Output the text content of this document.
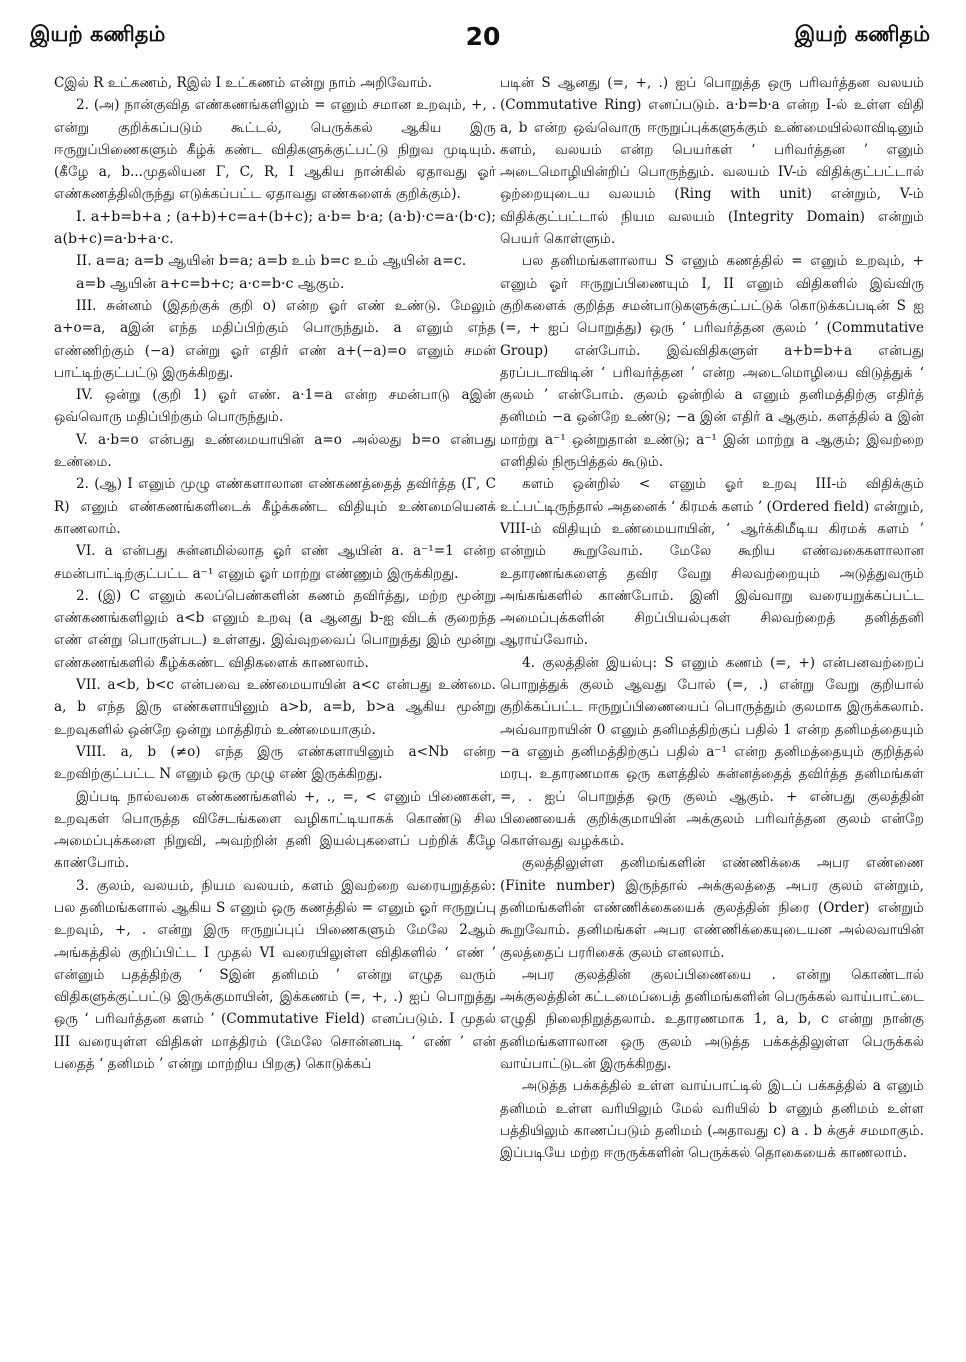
இயற் கணிதம்	20	இயற் கணிதம்

Cஇல் R உட்கணம், Rஇல் I உட்கணம் என்று நாம் அறிவோம்.

2. (அ) நான்குவித எண்கணங்களிலும் = எனும் சமான உறவும், +, . என்று குறிக்கப்படும் கூட்டல், பெருக்கல் ஆகிய இரு ஈருறுப்பிணைகளும் கீழ்க் கண்ட விதிகளுக்குட்பட்டு நிறுவ முடியும். (கீழே a, b...முதலியன Γ, C, R, I ஆகிய நான்கில் ஏதாவது ஓர் எண்கணத்திலிருந்து எடுக்கப்பட்ட ஏதாவது எண்களைக் குறிக்கும்).

I. a+b=b+a ; (a+b)+c=a+(b+c); a·b= b·a; (a·b)·c=a·(b·c); a(b+c)=a·b+a·c.

II. a=a; a=b ஆயின் b=a; a=b உம் b=c உம் ஆயின் a=c.

a=b ஆயின் a+c=b+c; a·c=b·c ஆகும்.

III. சுன்னம் (இதற்குக் குறி o) என்ற ஓர் எண் உண்டு. மேலும் a+o=a, aஇன் எந்த மதிப்பிற்கும் பொருந்தும். a எனும் எந்த எண்ணிற்கும் (−a) என்று ஓர் எதிர் எண் a+(−a)=o எனும் சமன் பாட்டிற்குட்பட்டு இருக்கிறது.

IV. ஒன்று (குறி 1) ஓர் எண். a·1=a என்ற சமன்பாடு aஇன் ஒவ்வொரு மதிப்பிற்கும் பொருந்தும்.

V. a·b=o என்பது உண்மையாயின் a=o அல்லது b=o என்பது உண்மை.

2. (ஆ) I எனும் முழு எண்களாலான எண்கணத்தைத் தவிர்த்த (Γ, C R) எனும் எண்கணங்களிடைக் கீழ்க்கண்ட விதியும் உண்மையெனக் காணலாம்.

VI. a என்பது சுன்னமில்லாத ஓர் எண் ஆயின் a. a⁻¹=1 என்ற சமன்பாட்டிற்குட்பட்ட a⁻¹ எனும் ஓர் மாற்று எண்ணும் இருக்கிறது.

2. (இ) C எனும் கலப்பெண்களின் கணம் தவிர்த்து, மற்ற மூன்று எண்கணங்களிலும் a<b எனும் உறவு (a ஆனது b-ஐ விடக் குறைந்த எண் என்று பொருள்பட) உள்ளது. இவ்வுறவைப் பொறுத்து இம் மூன்று எண்கணங்களில் கீழ்க்கண்ட விதிகளைக் காணலாம்.

VII. a<b, b<c என்பவை உண்மையாயின் a<c என்பது உண்மை. a, b எந்த இரு எண்களாயினும் a>b, a=b, b>a ஆகிய மூன்று உறவுகளில் ஒன்றே ஒன்று மாத்திரம் உண்மையாகும்.

VIII. a, b (≠o) எந்த இரு எண்களாயினும் a<Nb என்ற உறவிற்குட்பட்ட N எனும் ஒரு முழு எண் இருக்கிறது.

இப்படி நால்வகை எண்கணங்களில் +, ., =, < எனும் பிணைகள், உறவுகள் பொருத்த விசேடங்களை வழிகாட்டியாகக் கொண்டு சில அமைப்புக்களை நிறுவி, அவற்றின் தனி இயல்புகளைப் பற்றிக் கீழே காண்போம்.

3. குலம், வலயம், நியம வலயம், களம் இவற்றை வரையறுத்தல்: பல தனிமங்களால் ஆகிய S எனும் ஒரு கணத்தில் = எனும் ஓர் ஈருறுப்பு உறவும், +, . என்று இரு ஈருறுப்புப் பிணைகளும் மேலே 2ஆம் அங்கத்தில் குறிப்பிட்ட I முதல் VI வரையிலுள்ள விதிகளில் ‘ எண் ’ என்னும் பதத்திற்கு ‘ Sஇன் தனிமம் ’ என்று எழுத வரும் விதிகளுக்குட்பட்டு இருக்குமாயின், இக்கணம் (=, +, .) ஐப் பொறுத்து ஒரு ‘ பரிவர்த்தன களம் ’ (Commutative Field) எனப்படும். I முதல் III வரையுள்ள விதிகள் மாத்திரம் (மேலே சொன்னபடி ‘ எண் ’ என் பதைத் ‘ தனிமம் ’ என்று மாற்றிய பிறகு) கொடுக்கப்

படின் S ஆனது (=, +, .) ஐப் பொறுத்த ஒரு பரிவர்த்தன வலயம் (Commutative Ring) எனப்படும். a·b=b·a என்ற I-ல் உள்ள விதி a, b என்ற ஒவ்வொரு ஈருறுப்புக்களுக்கும் உண்மையில்லாவிடினும் களம், வலயம் என்ற பெயர்கள் ‘ பரிவர்த்தன ’ எனும் அடைமொழியின்றிப் பொருந்தும். வலயம் IV-ம் விதிக்குட்பட்டால் ஒற்றையுடைய வலயம் (Ring with unit) என்றும், V-ம் விதிக்குட்பட்டால் நியம வலயம் (Integrity Domain) என்றும் பெயர் கொள்ளும்.

பல தனிமங்களாலாய S எனும் கணத்தில் = எனும் உறவும், + எனும் ஓர் ஈருறுப்பிணையும் I, II எனும் விதிகளில் இவ்விரு குறிகளைக் குறித்த சமன்பாடுகளுக்குட்பட்டுக் கொடுக்கப்படின் S ஐ (=, + ஐப் பொறுத்து) ஒரு ‘ பரிவர்த்தன குலம் ’ (Commutative Group) என்போம். இவ்விதிகளுள் a+b=b+a என்பது தரப்படாவிடின் ‘ பரிவர்த்தன ’ என்ற அடைமொழியை விடுத்துக் ‘ குலம் ’ என்போம். குலம் ஒன்றில் a எனும் தனிமத்திற்கு எதிர்த் தனிமம் −a ஒன்றே உண்டு; −a இன் எதிர் a ஆகும். களத்தில் a இன் மாற்று a⁻¹ ஒன்றுதான் உண்டு; a⁻¹ இன் மாற்று a ஆகும்; இவற்றை எளிதில் நிரூபித்தல் கூடும்.

களம் ஒன்றில் < எனும் ஓர் உறவு III-ம் விதிக்கும் உட்பட்டிருந்தால் அதனைக் ‘ கிரமக் களம் ’ (Ordered field) என்றும், VIII-ம் விதியும் உண்மையாயின், ‘ ஆர்க்கிமீடிய கிரமக் களம் ’ என்றும் கூறுவோம். மேலே கூறிய எண்வகைகளாலான உதாரணங்களைத் தவிர வேறு சிலவற்றையும் அடுத்துவரும் அங்கங்களில் காண்போம். இனி இவ்வாறு வரையறுக்கப்பட்ட அமைப்புக்களின் சிறப்பியல்புகள் சிலவற்றைத் தனித்தனி ஆராய்வோம்.

4. குலத்தின் இயல்பு: S எனும் கணம் (=, +) என்பனவற்றைப் பொறுத்துக் குலம் ஆவது போல் (=, .) என்று வேறு குறியால் குறிக்கப்பட்ட ஈருறுப்பிணையைப் பொருத்தும் குலமாக இருக்கலாம். அவ்வாறாயின் 0 எனும் தனிமத்திற்குப் பதில் 1 என்ற தனிமத்தையும் −a எனும் தனிமத்திற்குப் பதில் a⁻¹ என்ற தனிமத்தையும் குறித்தல் மரபு. உதாரணமாக ஒரு களத்தில் சுன்னத்தைத் தவிர்த்த தனிமங்கள் =, . ஐப் பொறுத்த ஒரு குலம் ஆகும். + என்பது குலத்தின் பிணையைக் குறிக்குமாயின் அக்குலம் பரிவர்த்தன குலம் என்றே கொள்வது வழக்கம்.

குலத்திலுள்ள தனிமங்களின் எண்ணிக்கை அபர எண்ணை (Finite number) இருந்தால் அக்குலத்தை அபர குலம் என்றும், தனிமங்களின் எண்ணிக்கையைக் குலத்தின் நிரை (Order) என்றும் கூறுவோம். தனிமங்கள் அபர எண்ணிக்கையுடையன அல்லவாயின் குலத்தைப் பரரிசைக் குலம் எனலாம்.

அபர குலத்தின் குலப்பிணையை . என்று கொண்டால் அக்குலத்தின் கட்டமைப்பைத் தனிமங்களின் பெருக்கல் வாய்பாட்டை எழுதி நிலைநிறுத்தலாம். உதாரணமாக 1, a, b, c என்று நான்கு தனிமங்களாலான ஒரு குலம் அடுத்த பக்கத்திலுள்ள பெருக்கல் வாய்பாட்டுடன் இருக்கிறது.

அடுத்த பக்கத்தில் உள்ள வாய்பாட்டில் இடப் பக்கத்தில் a எனும் தனிமம் உள்ள வரியிலும் மேல் வரியில் b எனும் தனிமம் உள்ள பத்தியிலும் காணப்படும் தனிமம் (அதாவது c) a . b க்குச் சமமாகும். இப்படியே மற்ற ஈருருக்களின் பெருக்கல் தொகையைக் காணலாம்.
